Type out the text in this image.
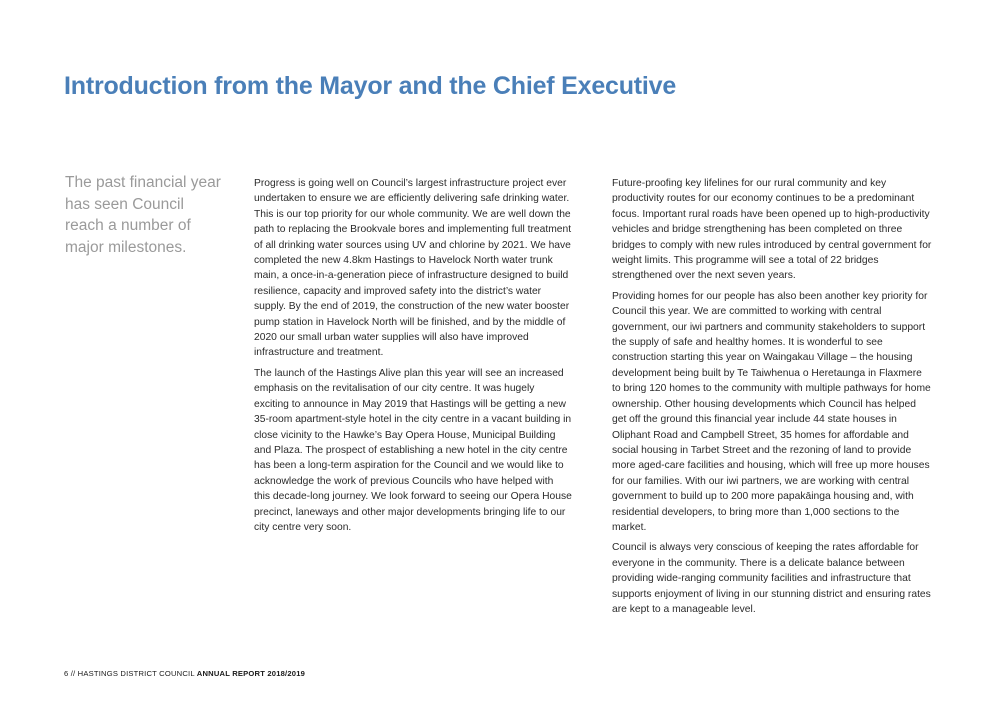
Introduction from the Mayor and the Chief Executive

The past financial year has seen Council reach a number of major milestones.

Progress is going well on Council’s largest infrastructure project ever undertaken to ensure we are efficiently delivering safe drinking water. This is our top priority for our whole community. We are well down the path to replacing the Brookvale bores and implementing full treatment of all drinking water sources using UV and chlorine by 2021. We have completed the new 4.8km Hastings to Havelock North water trunk main, a once-in-a-generation piece of infrastructure designed to build resilience, capacity and improved safety into the district’s water supply. By the end of 2019, the construction of the new water booster pump station in Havelock North will be finished, and by the middle of 2020 our small urban water supplies will also have improved infrastructure and treatment.

The launch of the Hastings Alive plan this year will see an increased emphasis on the revitalisation of our city centre. It was hugely exciting to announce in May 2019 that Hastings will be getting a new 35-room apartment-style hotel in the city centre in a vacant building in close vicinity to the Hawke’s Bay Opera House, Municipal Building and Plaza. The prospect of establishing a new hotel in the city centre has been a long-term aspiration for the Council and we would like to acknowledge the work of previous Councils who have helped with this decade-long journey. We look forward to seeing our Opera House precinct, laneways and other major developments bringing life to our city centre very soon.

Future-proofing key lifelines for our rural community and key productivity routes for our economy continues to be a predominant focus. Important rural roads have been opened up to high-productivity vehicles and bridge strengthening has been completed on three bridges to comply with new rules introduced by central government for weight limits. This programme will see a total of 22 bridges strengthened over the next seven years.

Providing homes for our people has also been another key priority for Council this year. We are committed to working with central government, our iwi partners and community stakeholders to support the supply of safe and healthy homes. It is wonderful to see construction starting this year on Waingakau Village – the housing development being built by Te Taiwhenua o Heretaunga in Flaxmere to bring 120 homes to the community with multiple pathways for home ownership. Other housing developments which Council has helped get off the ground this financial year include 44 state houses in Oliphant Road and Campbell Street, 35 homes for affordable and social housing in Tarbet Street and the rezoning of land to provide more aged-care facilities and housing, which will free up more houses for our families. With our iwi partners, we are working with central government to build up to 200 more papakāinga housing and, with residential developers, to bring more than 1,000 sections to the market.

Council is always very conscious of keeping the rates affordable for everyone in the community. There is a delicate balance between providing wide-ranging community facilities and infrastructure that supports enjoyment of living in our stunning district and ensuring rates are kept to a manageable level.

6 // HASTINGS DISTRICT COUNCIL ANNUAL REPORT 2018/2019
